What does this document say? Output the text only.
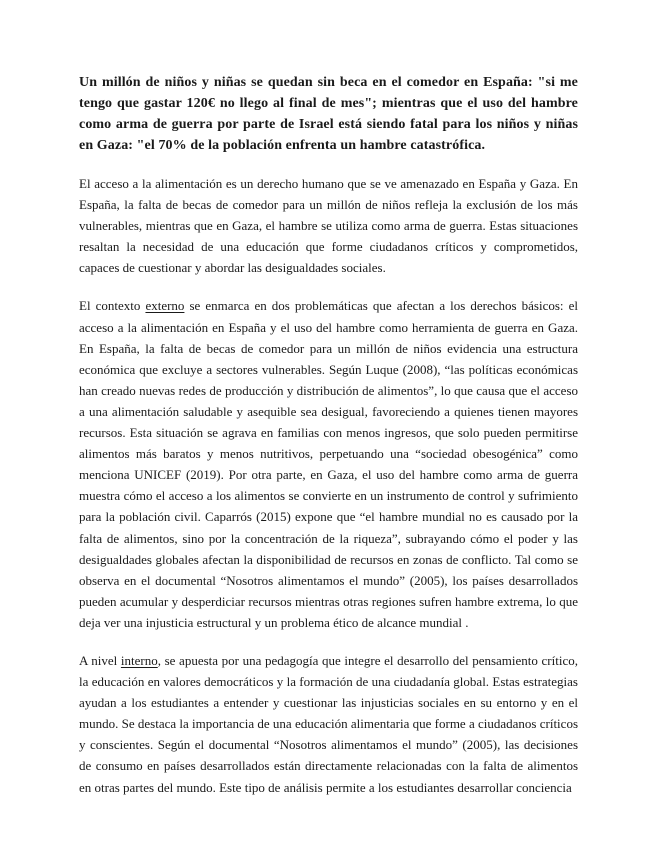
Un millón de niños y niñas se quedan sin beca en el comedor en España: "si me tengo que gastar 120€ no llego al final de mes"; mientras que el uso del hambre como arma de guerra por parte de Israel está siendo fatal para los niños y niñas en Gaza: "el 70% de la población enfrenta un hambre catastrófica.

El acceso a la alimentación es un derecho humano que se ve amenazado en España y Gaza. En España, la falta de becas de comedor para un millón de niños refleja la exclusión de los más vulnerables, mientras que en Gaza, el hambre se utiliza como arma de guerra. Estas situaciones resaltan la necesidad de una educación que forme ciudadanos críticos y comprometidos, capaces de cuestionar y abordar las desigualdades sociales.

El contexto externo se enmarca en dos problemáticas que afectan a los derechos básicos: el acceso a la alimentación en España y el uso del hambre como herramienta de guerra en Gaza. En España, la falta de becas de comedor para un millón de niños evidencia una estructura económica que excluye a sectores vulnerables. Según Luque (2008), “las políticas económicas han creado nuevas redes de producción y distribución de alimentos”, lo que causa que el acceso a una alimentación saludable y asequible sea desigual, favoreciendo a quienes tienen mayores recursos. Esta situación se agrava en familias con menos ingresos, que solo pueden permitirse alimentos más baratos y menos nutritivos, perpetuando una “sociedad obesogénica” como menciona UNICEF (2019). Por otra parte, en Gaza, el uso del hambre como arma de guerra muestra cómo el acceso a los alimentos se convierte en un instrumento de control y sufrimiento para la población civil. Caparrós (2015) expone que “el hambre mundial no es causado por la falta de alimentos, sino por la concentración de la riqueza”, subrayando cómo el poder y las desigualdades globales afectan la disponibilidad de recursos en zonas de conflicto. Tal como se observa en el documental “Nosotros alimentamos el mundo” (2005), los países desarrollados pueden acumular y desperdiciar recursos mientras otras regiones sufren hambre extrema, lo que deja ver una injusticia estructural y un problema ético de alcance mundial .

A nivel interno, se apuesta por una pedagogía que integre el desarrollo del pensamiento crítico, la educación en valores democráticos y la formación de una ciudadanía global. Estas estrategias ayudan a los estudiantes a entender y cuestionar las injusticias sociales en su entorno y en el mundo. Se destaca la importancia de una educación alimentaria que forme a ciudadanos críticos y conscientes. Según el documental “Nosotros alimentamos el mundo” (2005), las decisiones de consumo en países desarrollados están directamente relacionadas con la falta de alimentos en otras partes del mundo. Este tipo de análisis permite a los estudiantes desarrollar conciencia
